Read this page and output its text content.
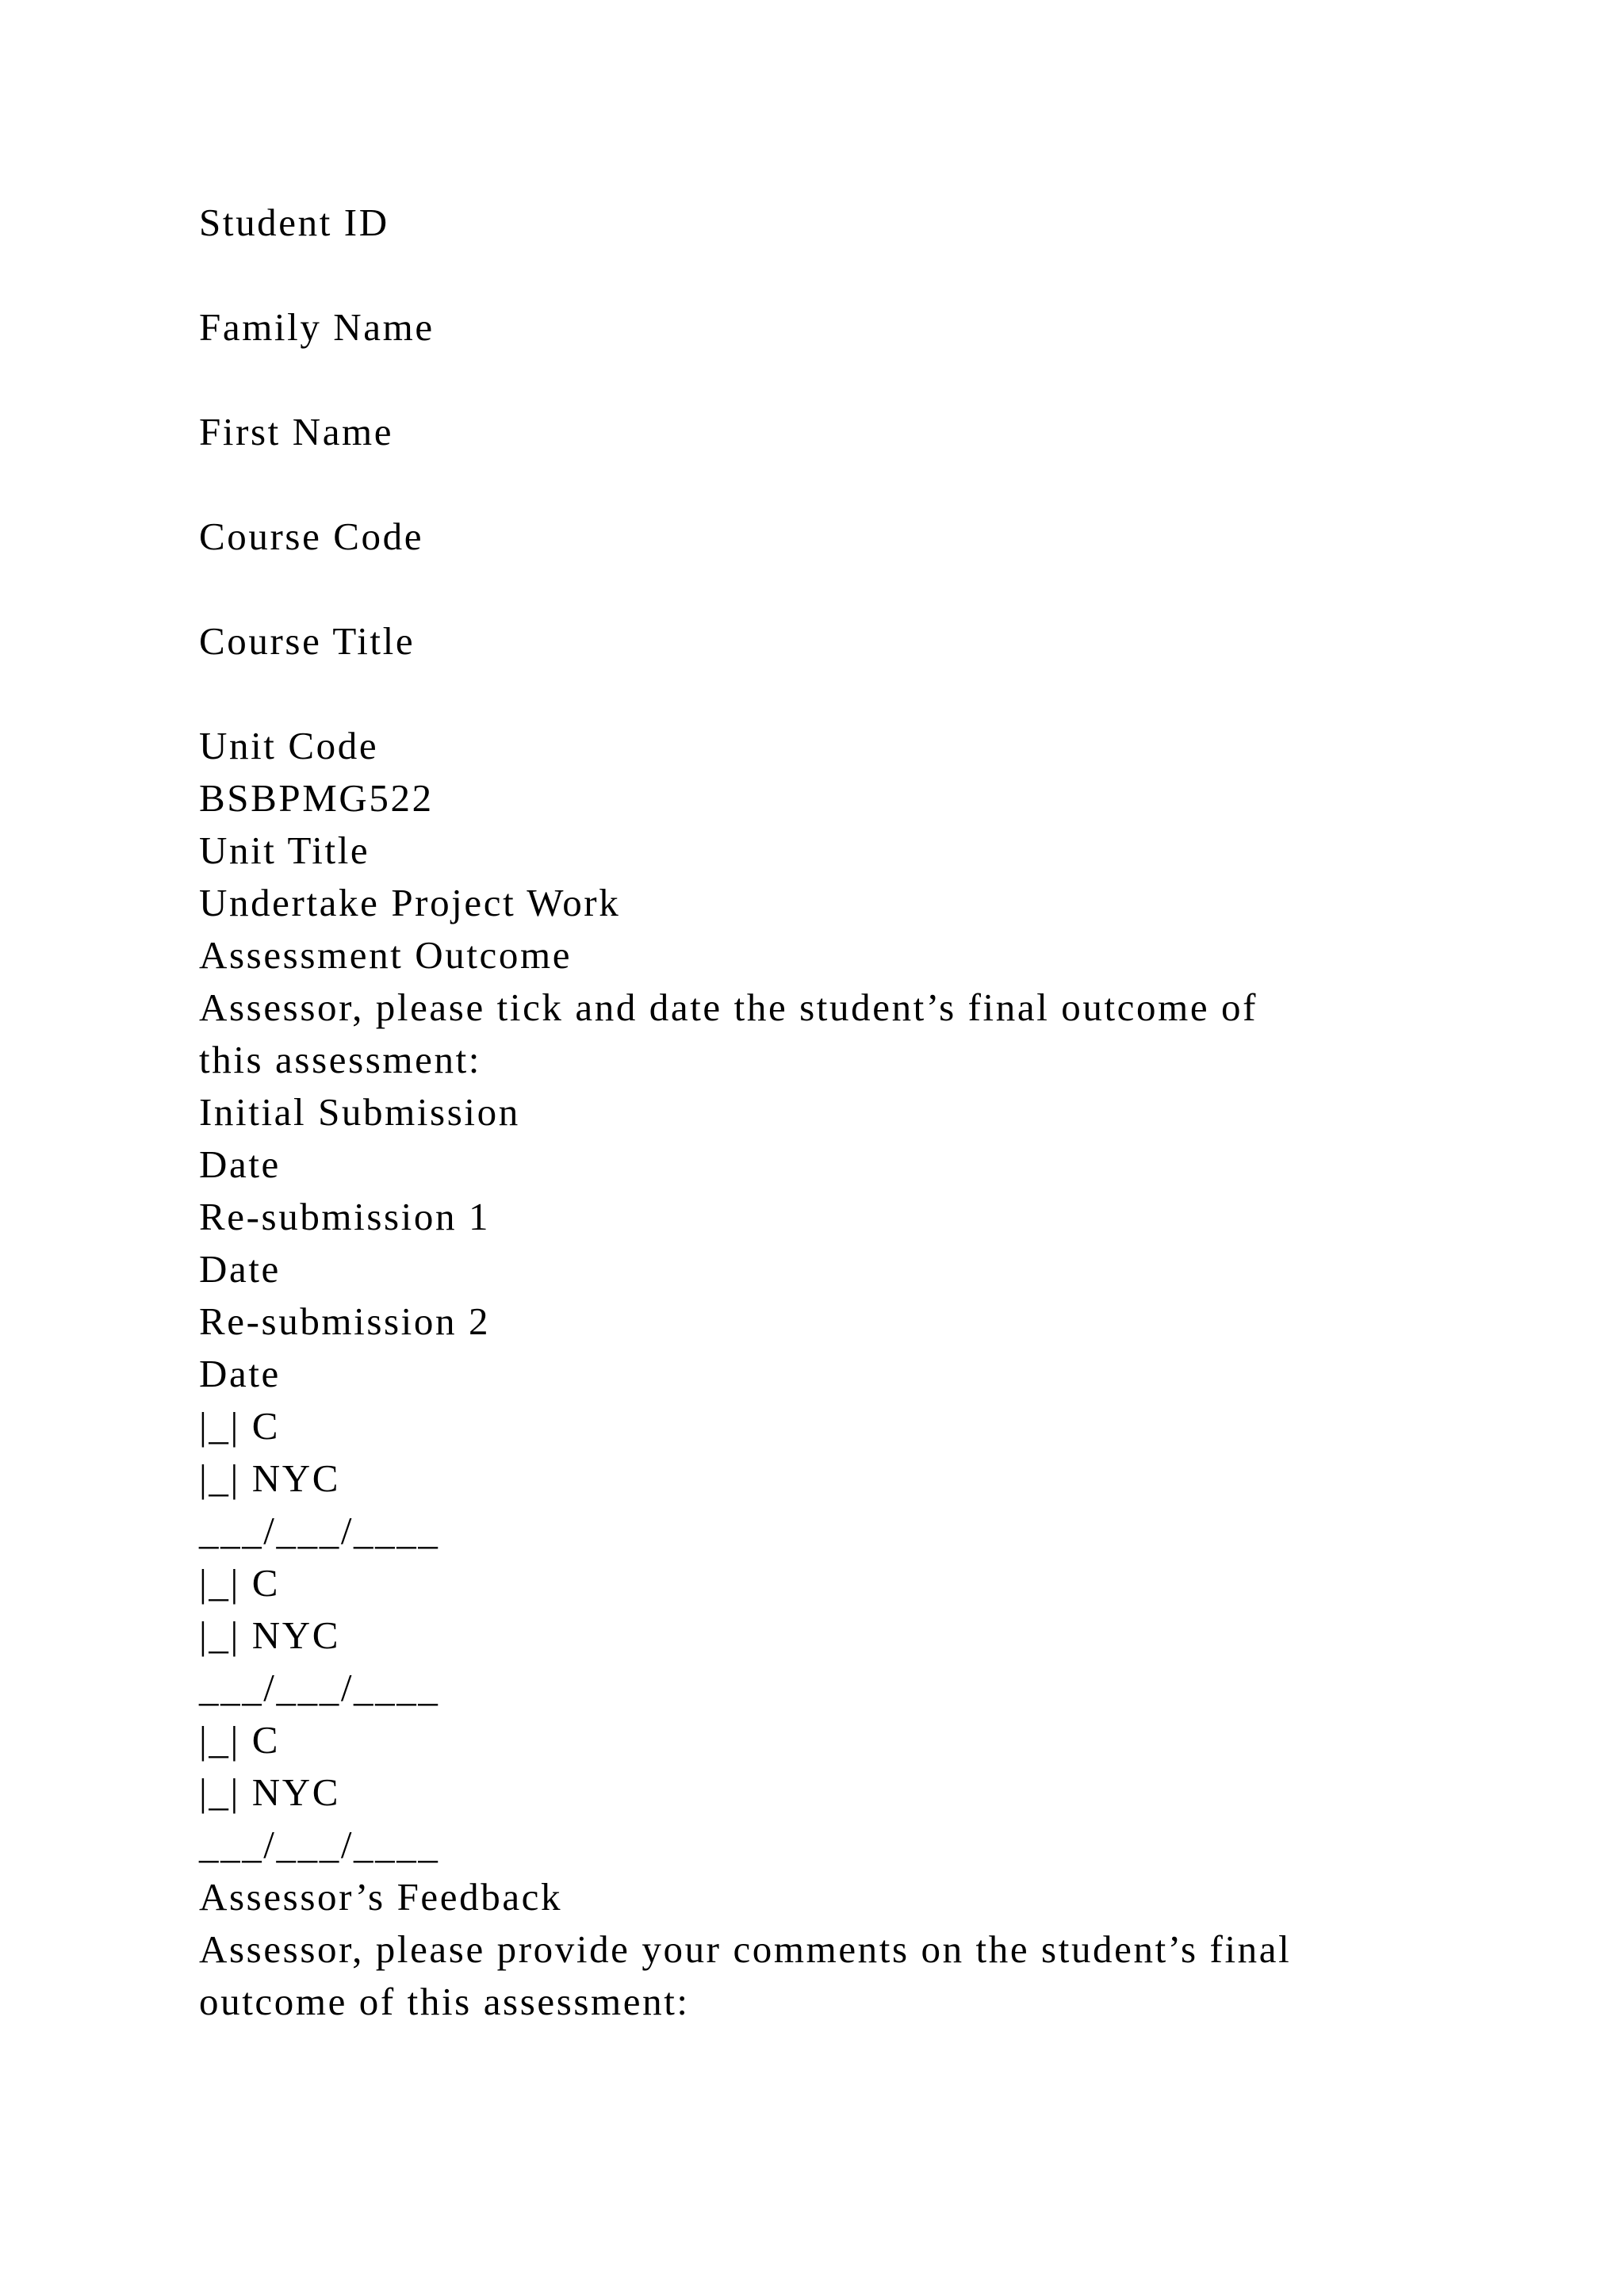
Student ID
Family Name
First Name
Course Code
Course Title
Unit Code
BSBPMG522
Unit Title
Undertake Project Work
Assessment Outcome
Assessor, please tick and date the student’s final outcome of
this assessment:
Initial Submission
Date
Re-submission 1
Date
Re-submission 2
Date
|_| C
|_| NYC
___/___/____
|_| C
|_| NYC
___/___/____
|_| C
|_| NYC
___/___/____
Assessor’s Feedback
Assessor, please provide your comments on the student’s final
outcome of this assessment:
